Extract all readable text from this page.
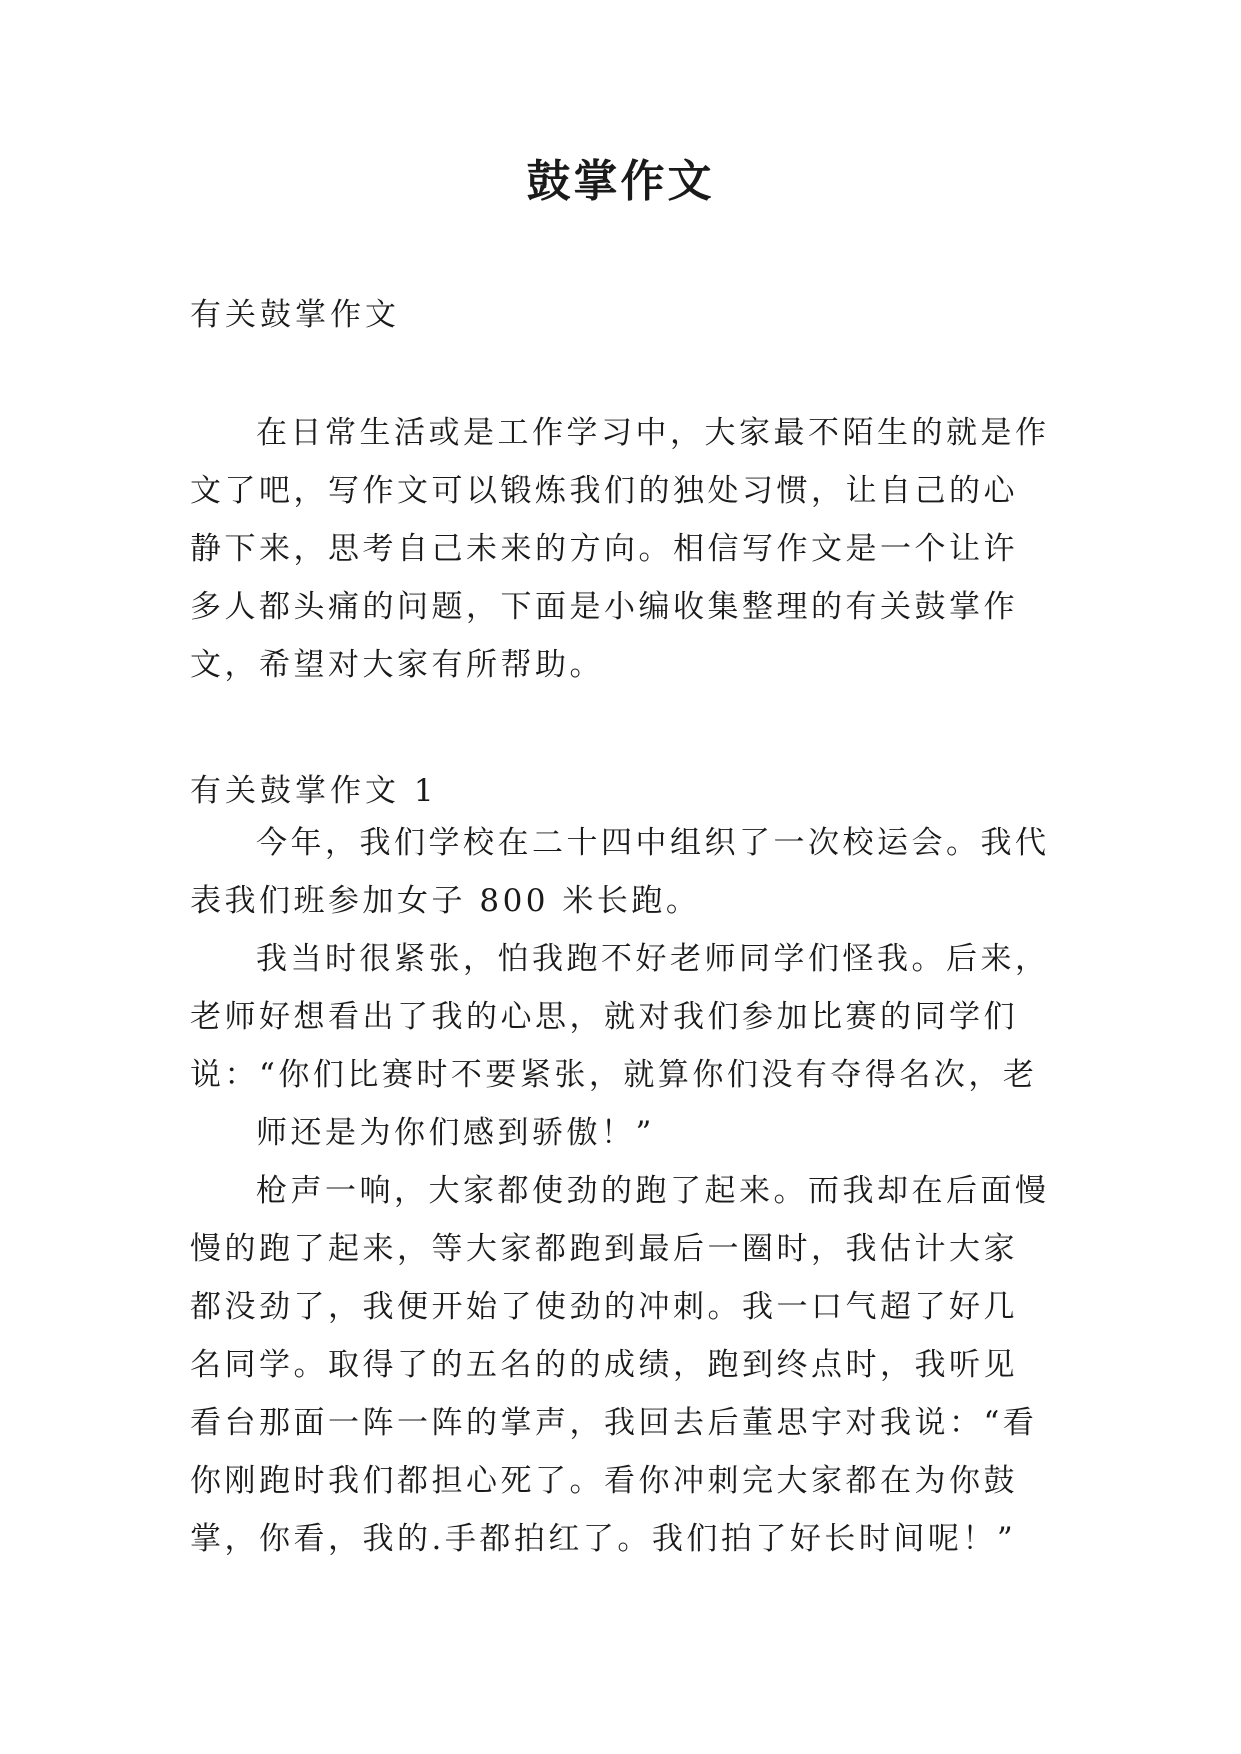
鼓掌作文

有关鼓掌作文

在日常生活或是工作学习中，大家最不陌生的就是作文了吧，写作文可以锻炼我们的独处习惯，让自己的心静下来，思考自己未来的方向。相信写作文是一个让许多人都头痛的问题，下面是小编收集整理的有关鼓掌作文，希望对大家有所帮助。

有关鼓掌作文 1

今年，我们学校在二十四中组织了一次校运会。我代表我们班参加女子 800 米长跑。

我当时很紧张，怕我跑不好老师同学们怪我。后来，老师好想看出了我的心思，就对我们参加比赛的同学们说：“你们比赛时不要紧张，就算你们没有夺得名次，老

师还是为你们感到骄傲！”

枪声一响，大家都使劲的跑了起来。而我却在后面慢慢的跑了起来，等大家都跑到最后一圈时，我估计大家都没劲了，我便开始了使劲的冲刺。我一口气超了好几名同学。取得了的五名的的成绩，跑到终点时，我听见看台那面一阵一阵的掌声，我回去后董思宇对我说：“看你刚跑时我们都担心死了。看你冲刺完大家都在为你鼓掌，你看，我的.手都拍红了。我们拍了好长时间呢！”
